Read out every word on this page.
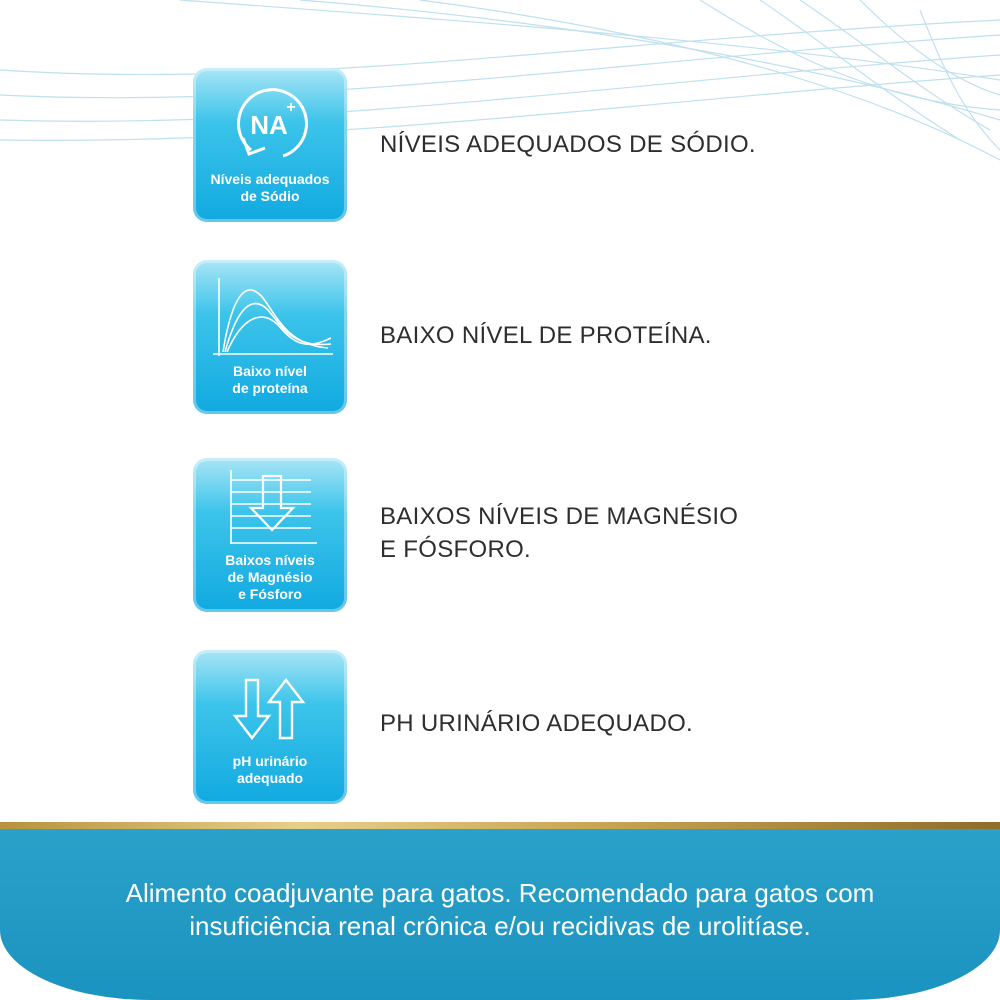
NA
+
Níveis adequados
de Sódio
NÍVEIS ADEQUADOS DE SÓDIO.
Baixo nível
de proteína
BAIXO NÍVEL DE PROTEÍNA.
Baixos níveis
de Magnésio
e Fósforo
BAIXOS NÍVEIS DE MAGNÉSIO
E FÓSFORO.
pH urinário
adequado
PH URINÁRIO ADEQUADO.
Alimento coadjuvante para gatos. Recomendado para gatos com
insuficiência renal crônica e/ou recidivas de urolitíase.
